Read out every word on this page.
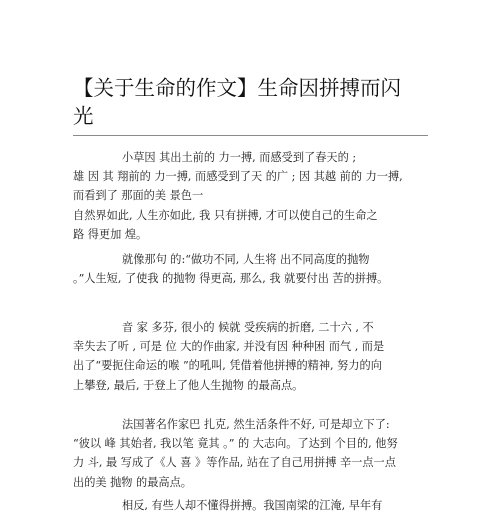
【关于生命的作文】生命因拼搏而闪
光
小草因 其出土前的 力一搏, 而感受到了春天的 ;
雄 因 其 翔前的 力一搏, 而感受到了天 的广 ; 因 其越 前的 力一搏,
而看到了 那面的美 景色一
自然界如此, 人生亦如此, 我 只有拼搏, 才可以使自己的生命之
路 得更加 煌。
就像那句 的:“做功不同, 人生将 出不同高度的抛物
。”人生短, 了使我 的抛物 得更高, 那么, 我 就要付出 苦的拼搏。
音 家 多芬, 很小的 候就 受疾病的折磨, 二十六 , 不
幸失去了听 , 可是 位 大的作曲家, 并没有因 种种困 而气 , 而是
出了“要扼住命运的喉 ”的吼叫, 凭借着他拼搏的精神, 努力的向
上攀登, 最后, 于登上了他人生抛物 的最高点。
法国著名作家巴 扎克, 然生活条件不好, 可是却立下了:
“彼以 峰 其始者, 我以笔 竟其 。” 的 大志向。了达到 个目的, 他努
力 斗, 最 写成了《人 喜 》等作品, 站在了自己用拼搏 辛一点一点
出的美 抛物 的最高点。
相反, 有些人却不懂得拼搏。我国南梁的江淹, 早年有
